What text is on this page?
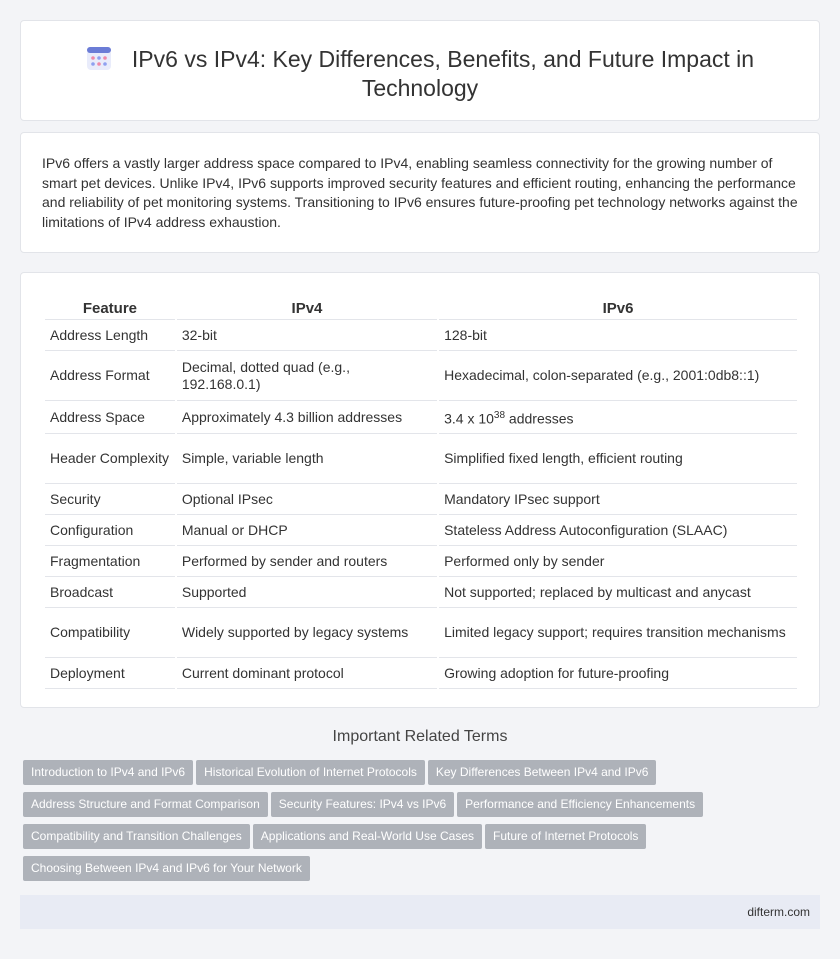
IPv6 vs IPv4: Key Differences, Benefits, and Future Impact in Technology

IPv6 offers a vastly larger address space compared to IPv4, enabling seamless connectivity for the growing number of smart pet devices. Unlike IPv4, IPv6 supports improved security features and efficient routing, enhancing the performance and reliability of pet monitoring systems. Transitioning to IPv6 ensures future-proofing pet technology networks against the limitations of IPv4 address exhaustion.

Feature	IPv4	IPv6
Address Length	32-bit	128-bit
Address Format	Decimal, dotted quad (e.g., 192.168.0.1)	Hexadecimal, colon-separated (e.g., 2001:0db8::1)
Address Space	Approximately 4.3 billion addresses	3.4 x $10^{38}$ addresses
Header Complexity	Simple, variable length	Simplified fixed length, efficient routing
Security	Optional IPsec	Mandatory IPsec support
Configuration	Manual or DHCP	Stateless Address Autoconfiguration (SLAAC)
Fragmentation	Performed by sender and routers	Performed only by sender
Broadcast	Supported	Not supported; replaced by multicast and anycast
Compatibility	Widely supported by legacy systems	Limited legacy support; requires transition mechanisms
Deployment	Current dominant protocol	Growing adoption for future-proofing
Important Related Terms
Introduction to IPv4 and IPv6 Historical Evolution of Internet Protocols Key Differences Between IPv4 and IPv6
Address Structure and Format Comparison Security Features: IPv4 vs IPv6 Performance and Efficiency Enhancements
Compatibility and Transition Challenges Applications and Real-World Use Cases Future of Internet Protocols
Choosing Between IPv4 and IPv6 for Your Network
difterm.com
